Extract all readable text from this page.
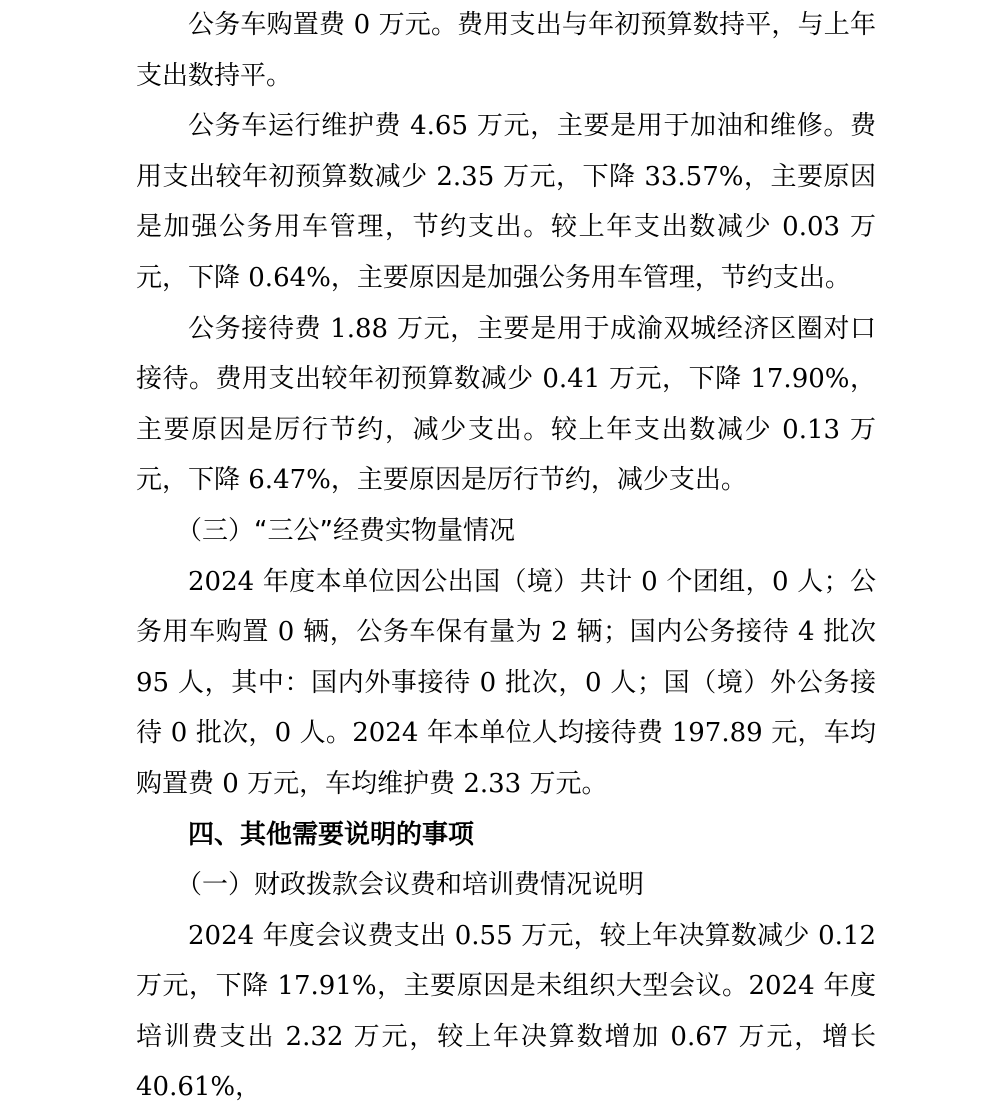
公务车购置费 0 万元。费用支出与年初预算数持平，与上年支出数持平。

公务车运行维护费 4.65 万元，主要是用于加油和维修。费用支出较年初预算数减少 2.35 万元，下降 33.57%，主要原因是加强公务用车管理，节约支出。较上年支出数减少 0.03 万元，下降 0.64%，主要原因是加强公务用车管理，节约支出。

公务接待费 1.88 万元，主要是用于成渝双城经济区圈对口接待。费用支出较年初预算数减少 0.41 万元，下降 17.90%，主要原因是厉行节约，减少支出。较上年支出数减少 0.13 万元，下降 6.47%，主要原因是厉行节约，减少支出。

（三）“三公”经费实物量情况

2024 年度本单位因公出国（境）共计 0 个团组，0 人；公务用车购置 0 辆，公务车保有量为 2 辆；国内公务接待 4 批次 95 人，其中：国内外事接待 0 批次，0 人；国（境）外公务接待 0 批次，0 人。2024 年本单位人均接待费 197.89 元，车均购置费 0 万元，车均维护费 2.33 万元。

四、其他需要说明的事项

（一）财政拨款会议费和培训费情况说明

2024 年度会议费支出 0.55 万元，较上年决算数减少 0.12 万元，下降 17.91%，主要原因是未组织大型会议。2024 年度培训费支出 2.32 万元，较上年决算数增加 0.67 万元，增长 40.61%，
